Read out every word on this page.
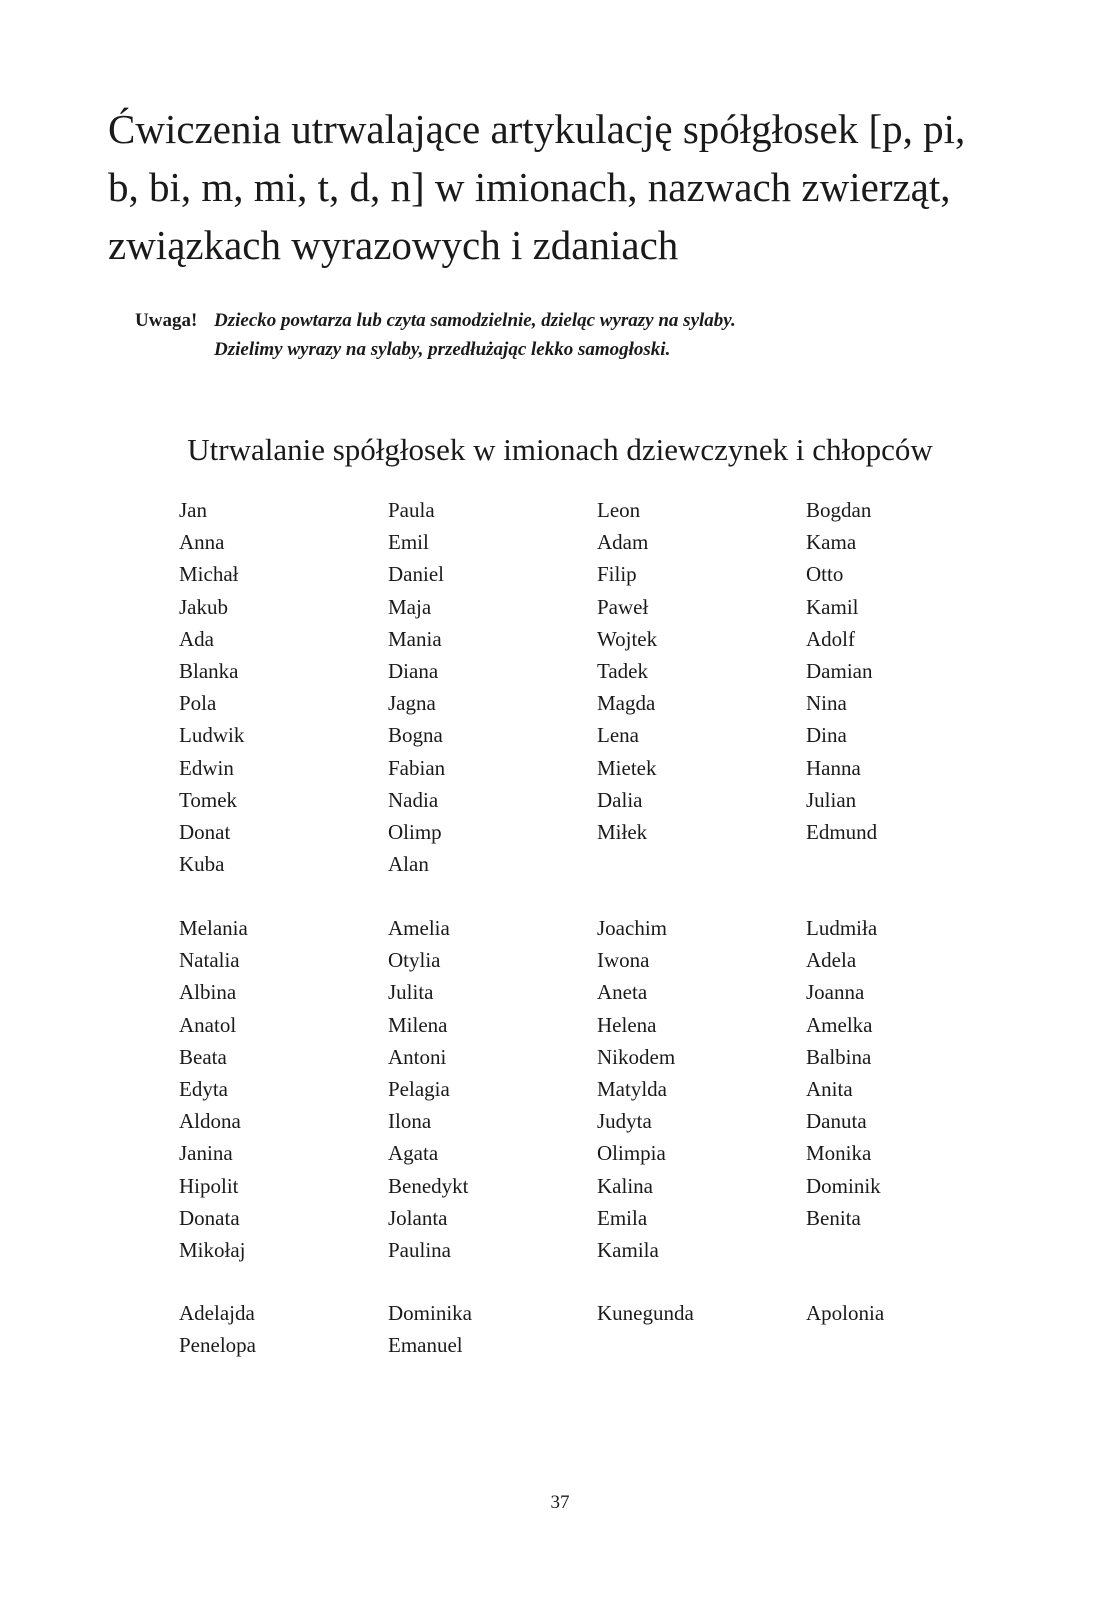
Ćwiczenia utrwalające artykulację spółgłosek [p, pi,
b, bi, m, mi, t, d, n] w imionach, nazwach zwierząt,
związkach wyrazowych i zdaniach
Uwaga! Dziecko powtarza lub czyta samodzielnie, dzieląc wyrazy na sylaby.
Dzielimy wyrazy na sylaby, przedłużając lekko samogłoski.
Utrwalanie spółgłosek w imionach dziewczynek i chłopców
Jan
Anna
Michał
Jakub
Ada
Blanka
Pola
Ludwik
Edwin
Tomek
Donat
Kuba
Paula
Emil
Daniel
Maja
Mania
Diana
Jagna
Bogna
Fabian
Nadia
Olimp
Alan
Leon
Adam
Filip
Paweł
Wojtek
Tadek
Magda
Lena
Mietek
Dalia
Miłek
Bogdan
Kama
Otto
Kamil
Adolf
Damian
Nina
Dina
Hanna
Julian
Edmund
Melania
Natalia
Albina
Anatol
Beata
Edyta
Aldona
Janina
Hipolit
Donata
Mikołaj
Amelia
Otylia
Julita
Milena
Antoni
Pelagia
Ilona
Agata
Benedykt
Jolanta
Paulina
Joachim
Iwona
Aneta
Helena
Nikodem
Matylda
Judyta
Olimpia
Kalina
Emila
Kamila
Ludmiła
Adela
Joanna
Amelka
Balbina
Anita
Danuta
Monika
Dominik
Benita
Adelajda
Penelopa
Dominika
Emanuel
Kunegunda	Apolonia
37
